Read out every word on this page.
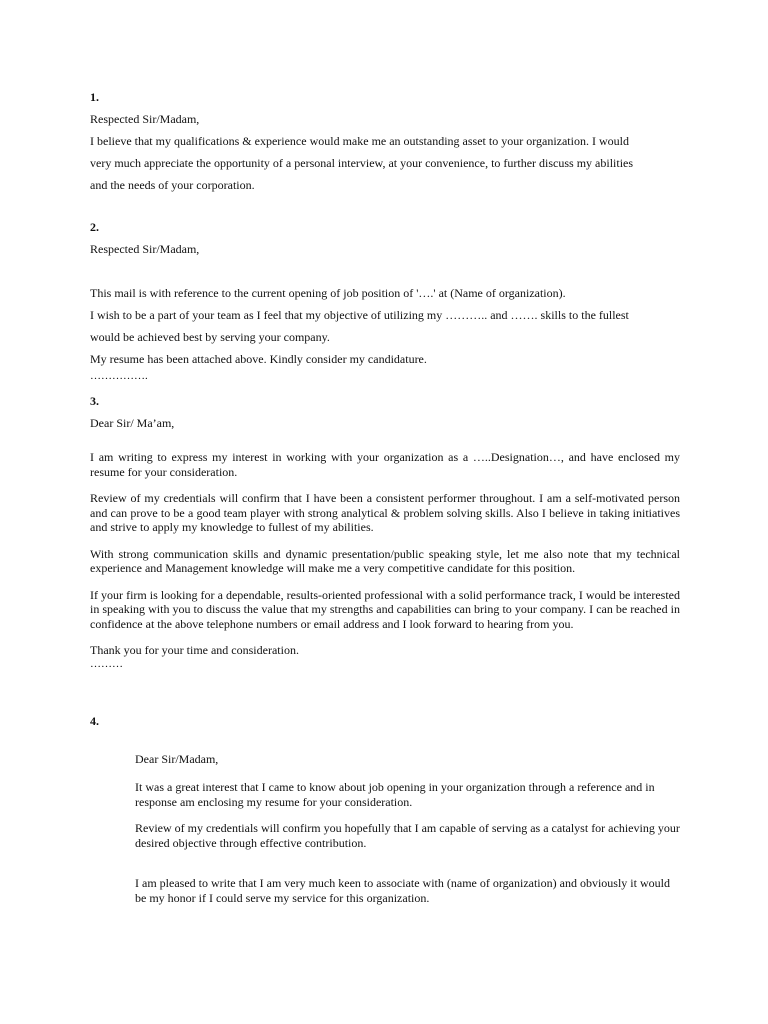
1.
Respected Sir/Madam,
I believe that my qualifications & experience would make me an outstanding asset to your organization. I would
very much appreciate the opportunity of a personal interview, at your convenience, to further discuss my abilities
and the needs of your corporation.
2.
Respected Sir/Madam,
This mail is with reference to the current opening of job position of '….' at (Name of organization).
I wish to be a part of your team as I feel that my objective of utilizing my ……….. and ……. skills to the fullest
would be achieved best by serving your company.
My resume has been attached above. Kindly consider my candidature.
…………….
3.
Dear Sir/ Ma’am,

I am writing to express my interest in working with your organization as a …..Designation…, and have enclosed my resume for your consideration.

Review of my credentials will confirm that I have been a consistent performer throughout. I am a self-motivated person and can prove to be a good team player with strong analytical & problem solving skills. Also I believe in taking initiatives and strive to apply my knowledge to fullest of my abilities.

With strong communication skills and dynamic presentation/public speaking style, let me also note that my technical experience and Management knowledge will make me a very competitive candidate for this position.

If your firm is looking for a dependable, results-oriented professional with a solid performance track, I would be interested in speaking with you to discuss the value that my strengths and capabilities can bring to your company. I can be reached in confidence at the above telephone numbers or email address and I look forward to hearing from you.

Thank you for your time and consideration.

………
4.
Dear Sir/Madam,

It was a great interest that I came to know about job opening in your organization through a reference and in response am enclosing my resume for your consideration.

Review of my credentials will confirm you hopefully that I am capable of serving as a catalyst for achieving your desired objective through effective contribution.

I am pleased to write that I am very much keen to associate with (name of organization) and obviously it would be my honor if I could serve my service for this organization.
